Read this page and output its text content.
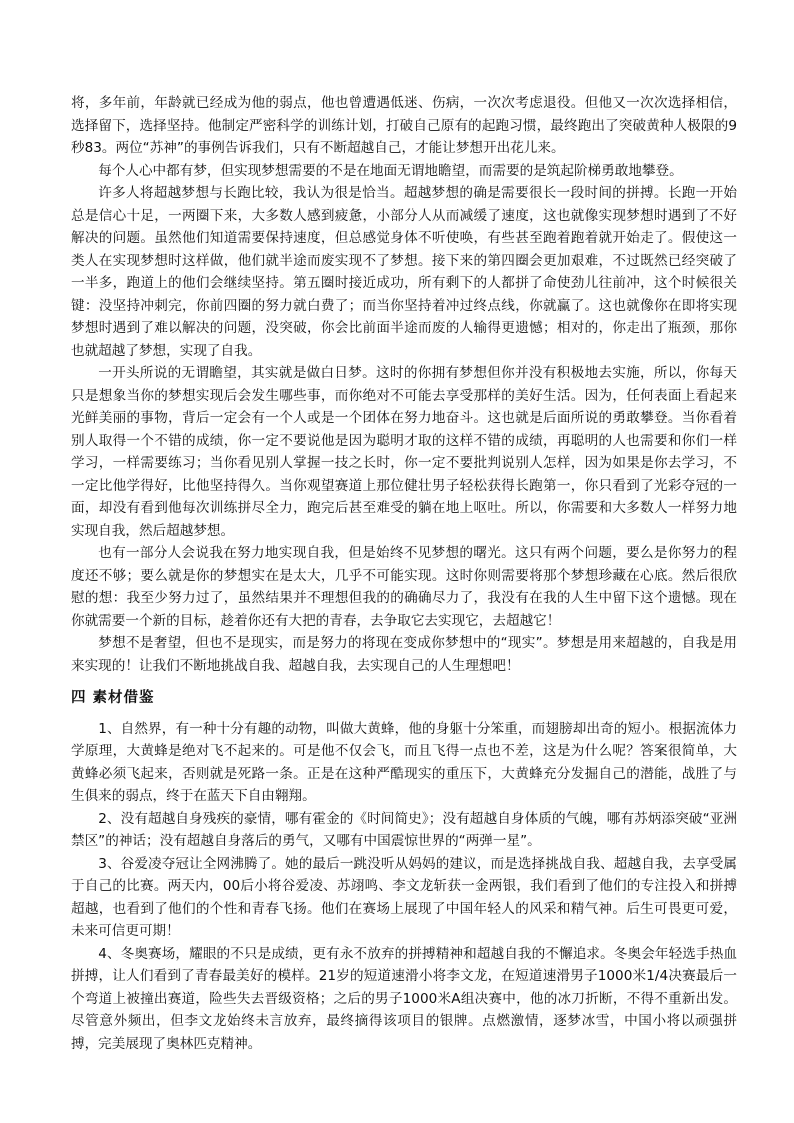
将，多年前，年龄就已经成为他的弱点，他也曾遭遇低迷、伤病，一次次考虑退役。但他又一次次选择相信，选择留下，选择坚持。他制定严密科学的训练计划，打破自己原有的起跑习惯，最终跑出了突破黄种人极限的9秒83。两位“苏神”的事例告诉我们，只有不断超越自己，才能让梦想开出花儿来。

每个人心中都有梦，但实现梦想需要的不是在地面无谓地瞻望，而需要的是筑起阶梯勇敢地攀登。

许多人将超越梦想与长跑比较，我认为很是恰当。超越梦想的确是需要很长一段时间的拼搏。长跑一开始总是信心十足，一两圈下来，大多数人感到疲惫，小部分人从而减缓了速度，这也就像实现梦想时遇到了不好解决的问题。虽然他们知道需要保持速度，但总感觉身体不听使唤，有些甚至跑着跑着就开始走了。假使这一类人在实现梦想时这样做，他们就半途而废实现不了梦想。接下来的第四圈会更加艰难，不过既然已经突破了一半多，跑道上的他们会继续坚持。第五圈时接近成功，所有剩下的人都拼了命使劲儿往前冲，这个时候很关键：没坚持冲刺完，你前四圈的努力就白费了；而当你坚持着冲过终点线，你就赢了。这也就像你在即将实现梦想时遇到了难以解决的问题，没突破，你会比前面半途而废的人输得更遗憾；相对的，你走出了瓶颈，那你也就超越了梦想，实现了自我。

一开头所说的无谓瞻望，其实就是做白日梦。这时的你拥有梦想但你并没有积极地去实施，所以，你每天只是想象当你的梦想实现后会发生哪些事，而你绝对不可能去享受那样的美好生活。因为，任何表面上看起来光鲜美丽的事物，背后一定会有一个人或是一个团体在努力地奋斗。这也就是后面所说的勇敢攀登。当你看着别人取得一个不错的成绩，你一定不要说他是因为聪明才取的这样不错的成绩，再聪明的人也需要和你们一样学习，一样需要练习；当你看见别人掌握一技之长时，你一定不要批判说别人怎样，因为如果是你去学习，不一定比他学得好，比他坚持得久。当你观望赛道上那位健壮男子轻松获得长跑第一，你只看到了光彩夺冠的一面，却没有看到他每次训练拼尽全力，跑完后甚至难受的躺在地上呕吐。所以，你需要和大多数人一样努力地实现自我，然后超越梦想。

也有一部分人会说我在努力地实现自我，但是始终不见梦想的曙光。这只有两个问题，要么是你努力的程度还不够；要么就是你的梦想实在是太大，几乎不可能实现。这时你则需要将那个梦想珍藏在心底。然后很欣慰的想：我至少努力过了，虽然结果并不理想但我的的确确尽力了，我没有在我的人生中留下这个遗憾。现在你就需要一个新的目标，趁着你还有大把的青春，去争取它去实现它，去超越它！

梦想不是奢望，但也不是现实，而是努力的将现在变成你梦想中的“现实”。梦想是用来超越的，自我是用来实现的！让我们不断地挑战自我、超越自我，去实现自己的人生理想吧！

四 素材借鉴

1、自然界，有一种十分有趣的动物，叫做大黄蜂，他的身躯十分笨重，而翅膀却出奇的短小。根据流体力学原理，大黄蜂是绝对飞不起来的。可是他不仅会飞，而且飞得一点也不差，这是为什么呢？答案很简单，大黄蜂必须飞起来，否则就是死路一条。正是在这种严酷现实的重压下，大黄蜂充分发掘自己的潜能，战胜了与生俱来的弱点，终于在蓝天下自由翱翔。

2、没有超越自身残疾的豪情，哪有霍金的《时间简史》；没有超越自身体质的气魄，哪有苏炳添突破“亚洲禁区”的神话；没有超越自身落后的勇气，又哪有中国震惊世界的“两弹一星”。

3、谷爱凌夺冠让全网沸腾了。她的最后一跳没听从妈妈的建议，而是选择挑战自我、超越自我，去享受属于自己的比赛。两天内，00后小将谷爱凌、苏翊鸣、李文龙斩获一金两银，我们看到了他们的专注投入和拼搏超越，也看到了他们的个性和青春飞扬。他们在赛场上展现了中国年轻人的风采和精气神。后生可畏更可爱，未来可信更可期！

4、冬奥赛场，耀眼的不只是成绩，更有永不放弃的拼搏精神和超越自我的不懈追求。冬奥会年轻选手热血拼搏，让人们看到了青春最美好的模样。21岁的短道速滑小将李文龙，在短道速滑男子1000米1/4决赛最后一个弯道上被撞出赛道，险些失去晋级资格；之后的男子1000米A组决赛中，他的冰刀折断，不得不重新出发。尽管意外频出，但李文龙始终未言放弃，最终摘得该项目的银牌。点燃激情，逐梦冰雪，中国小将以顽强拼搏，完美展现了奥林匹克精神。
